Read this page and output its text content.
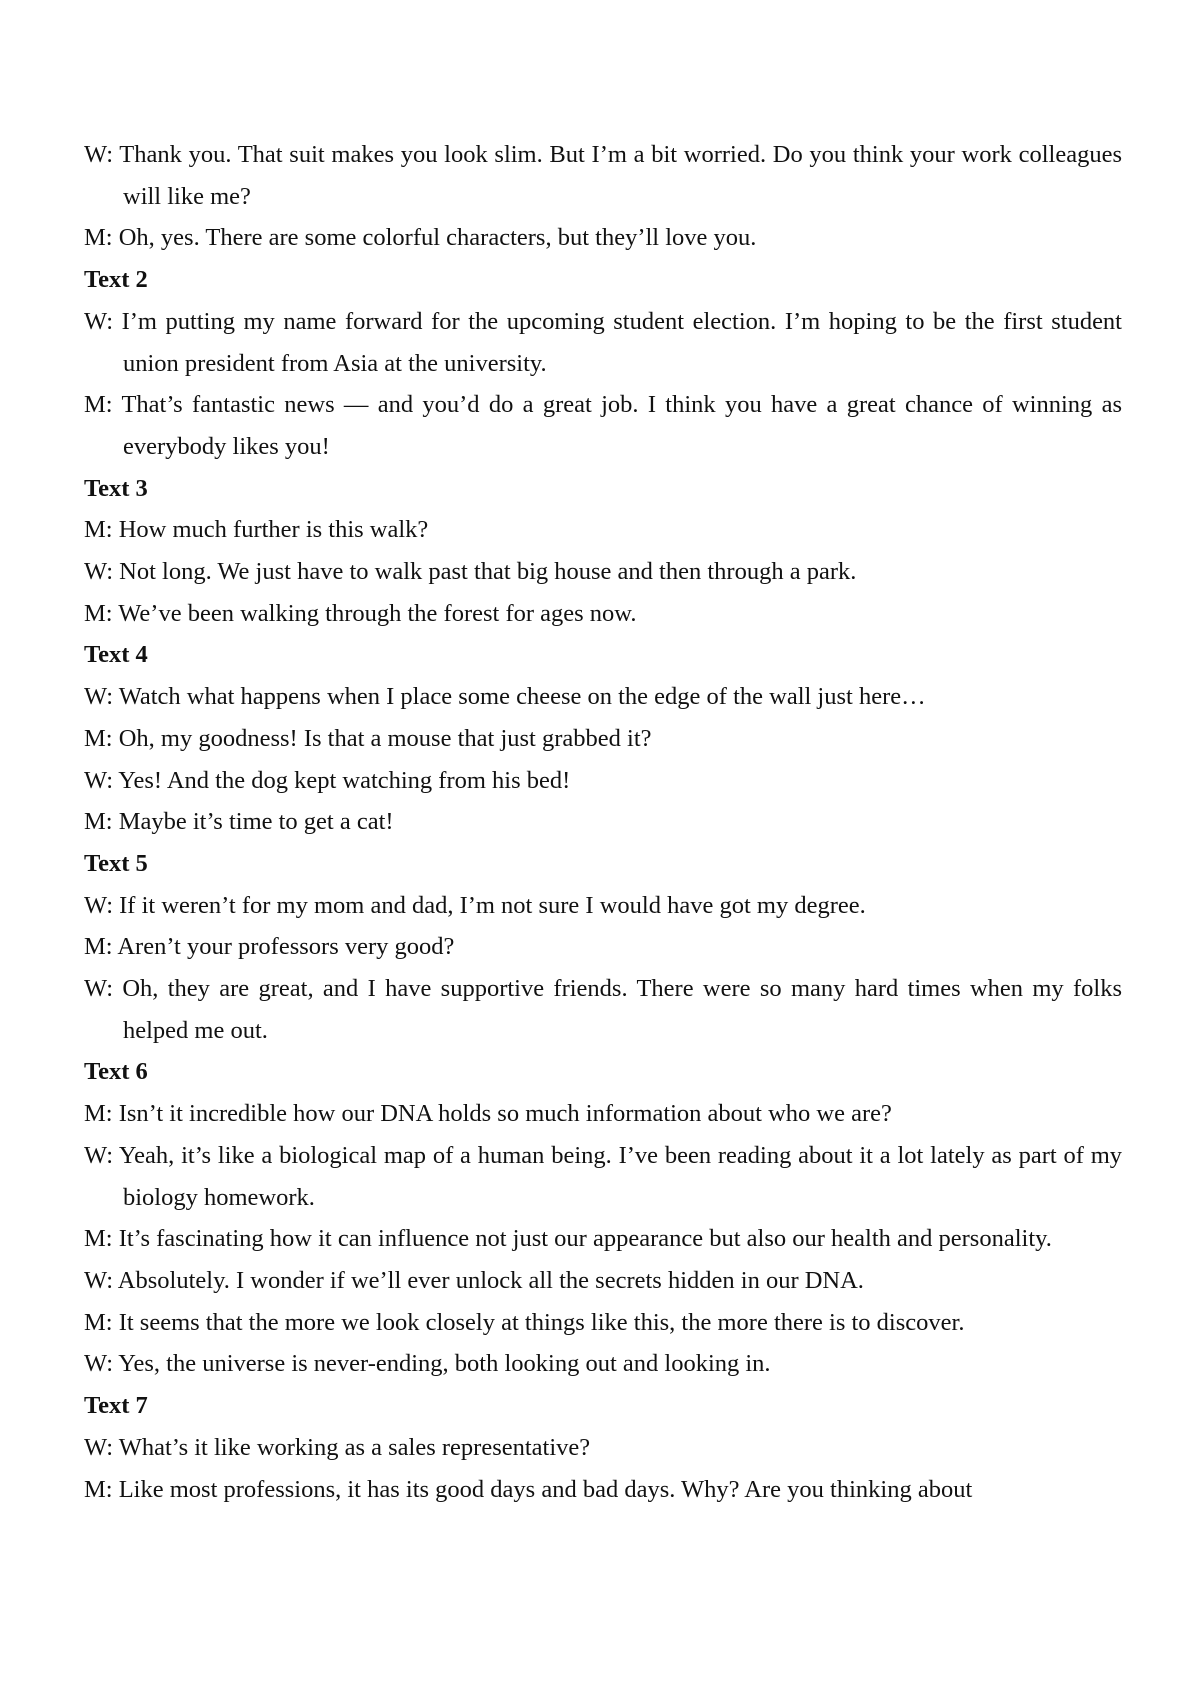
W: Thank you. That suit makes you look slim. But I’m a bit worried. Do you think your work colleagues will like me?

M: Oh, yes. There are some colorful characters, but they’ll love you.

Text 2

W: I’m putting my name forward for the upcoming student election. I’m hoping to be the first student union president from Asia at the university.

M: That’s fantastic news — and you’d do a great job. I think you have a great chance of winning as everybody likes you!

Text 3

M: How much further is this walk?

W: Not long. We just have to walk past that big house and then through a park.

M: We’ve been walking through the forest for ages now.

Text 4

W: Watch what happens when I place some cheese on the edge of the wall just here…

M: Oh, my goodness! Is that a mouse that just grabbed it?

W: Yes! And the dog kept watching from his bed!

M: Maybe it’s time to get a cat!

Text 5

W: If it weren’t for my mom and dad, I’m not sure I would have got my degree.

M: Aren’t your professors very good?

W: Oh, they are great, and I have supportive friends. There were so many hard times when my folks helped me out.

Text 6

M: Isn’t it incredible how our DNA holds so much information about who we are?

W: Yeah, it’s like a biological map of a human being. I’ve been reading about it a lot lately as part of my biology homework.

M: It’s fascinating how it can influence not just our appearance but also our health and personality.

W: Absolutely. I wonder if we’ll ever unlock all the secrets hidden in our DNA.

M: It seems that the more we look closely at things like this, the more there is to discover.

W: Yes, the universe is never-ending, both looking out and looking in.

Text 7

W: What’s it like working as a sales representative?

M: Like most professions, it has its good days and bad days. Why? Are you thinking about
